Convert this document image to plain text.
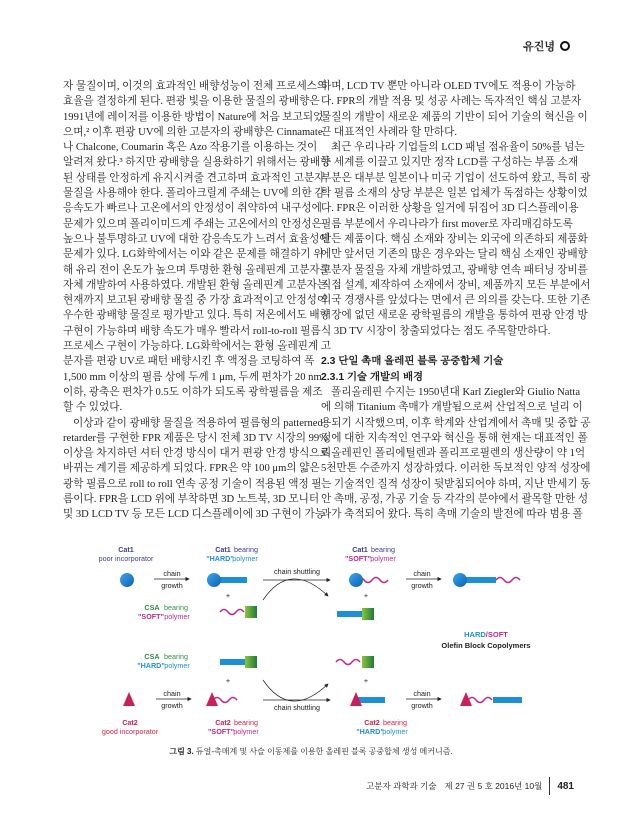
유진녕
자 물질이며, 이것의 효과적인 배향성능이 전체 프로세스의
효율을 결정하게 된다. 편광 빛을 이용한 물질의 광배향은
1991년에 레이저를 이용한 방법이 Nature에 처음 보고되었
으며,² 이후 편광 UV에 의한 고분자의 광배향은 Cinnamate
나 Chalcone, Coumarin 혹은 Azo 작용기를 이용하는 것이
알려져 왔다.³ 하지만 광배향을 실용화하기 위해서는 광배향
된 상태를 안정하게 유지시켜줄 견고하며 효과적인 고분자
물질을 사용해야 한다. 폴리아크릴계 주쇄는 UV에 의한 감
응속도가 빠르나 고온에서의 안정성이 취약하여 내구성에
문제가 있으며 폴리이미드계 주쇄는 고온에서의 안정성은
높으나 불투명하고 UV에 대한 감응속도가 느려서 효율성에
문제가 있다. LG화학에서는 이와 같은 문제를 해결하기 위
해 유리 전이 온도가 높으며 투명한 환형 올레핀계 고분자를
자체 개발하여 사용하였다. 개발된 환형 올레핀계 고분자는
현재까지 보고된 광배향 물질 중 가장 효과적이고 안정성이
우수한 광배향 물질로 평가받고 있다. 특히 저온에서도 배향
구현이 가능하며 배향 속도가 매우 빨라서 roll-to-roll 필름
프로세스 구현이 가능하다. LG화학에서는 환형 올레핀계 고
분자를 편광 UV로 패턴 배향시킨 후 액정을 코팅하여 폭
1,500 mm 이상의 필름 상에 두께 1 μm, 두께 편차가 20 nm
이하, 광축은 편차가 0.5도 이하가 되도록 광학필름을 제조
할 수 있었다.
이상과 같이 광배향 물질을 적용하여 필름형의 patterned
retarder를 구현한 FPR 제품은 당시 전체 3D TV 시장의 99%
이상을 차지하던 셔터 안경 방식이 대거 편광 안경 방식으로
바뀌는 계기를 제공하게 되었다. FPR은 약 100 μm의 얇은
광학 필름으로 roll to roll 연속 공정 기술이 적용된 액정 필
름이다. FPR을 LCD 위에 부착하면 3D 노트북, 3D 모니터
및 3D LCD TV 등 모든 LCD 디스플레이에 3D 구현이 가능
하며, LCD TV 뿐만 아니라 OLED TV에도 적용이 가능하
다. FPR의 개발 적용 및 성공 사례는 독자적인 핵심 고분자
물질의 개발이 새로운 제품의 기반이 되어 기술의 혁신을 이
끈 대표적인 사례라 할 만하다.
최근 우리나라 기업들의 LCD 패널 점유율이 50%를 넘는
등 세계를 이끌고 있지만 정작 LCD를 구성하는 부품 소재
부분은 대부분 일본이나 미국 기업이 선도하여 왔고, 특히 광
학 필름 소재의 상당 부분은 일본 업체가 독점하는 상황이었
다. FPR은 이러한 상황을 일거에 뒤집어 3D 디스플레이용
필름 부분에서 우리나라가 first mover로 자리매김하도록
만든 제품이다. 핵심 소재와 장비는 외국에 의존하되 제품화
에만 앞서던 기존의 많은 경우와는 달리 핵심 소재인 광배향
고분자 물질을 자체 개발하였고, 광배향 연속 패터닝 장비를
직접 설계, 제작하여 소재에서 장비, 제품까지 모든 부분에서
외국 경쟁사를 앞섰다는 면에서 큰 의의를 갖는다. 또한 기존
시장에 없던 새로운 광학필름의 개발을 통하여 편광 안경 방
식 3D TV 시장이 창출되었다는 점도 주목할만하다.
2.3 단일 촉매 올레핀 블록 공중합체 기술
2.3.1 기술 개발의 배경
폴리올레핀 수지는 1950년대 Karl Ziegler와 Giulio Natta
에 의해 Titanium 촉매가 개발됨으로써 산업적으로 널리 이
용되기 시작했으며, 이후 학계와 산업계에서 촉매 및 중합 공
정에 대한 지속적인 연구와 혁신을 통해 현재는 대표적인 폴
리올레핀인 폴리에틸렌과 폴리프로필렌의 생산량이 약 1억
5천만톤 수준까지 성장하였다. 이러한 독보적인 양적 성장에
는 기술적인 질적 성장이 뒷받침되어야 하며, 지난 반세기 동
안 촉매, 공정, 가공 기술 등 각각의 분야에서 괄목할 만한 성
과가 축적되어 왔다. 특히 촉매 기술의 발전에 따라 범용 폴
Cat1
poor incorporator
Cat1 bearing
"HARD"
polymer
Cat1 bearing
"SOFT" polymer
CSA bearing
"SOFT" polymer
chain
growth
chain
growth
chain
growth
chain
growth
chain shuttling
chain shuttling
+	+
+	+
HARD/SOFT
Olefin Block Copolymers
CSA bearing
"HARD" polymer
Cat2
good incorporator
Cat2 bearing
"SOFT" polymer
Cat2 bearing
"HARD"
polymer
그림 3. 듀얼-촉매계 및 사슬 이동제를 이용한 올레핀 블록 공중합체 생성 메커니즘.
고분자 과학과 기술 제 27 권 5 호 2016년 10월 481
